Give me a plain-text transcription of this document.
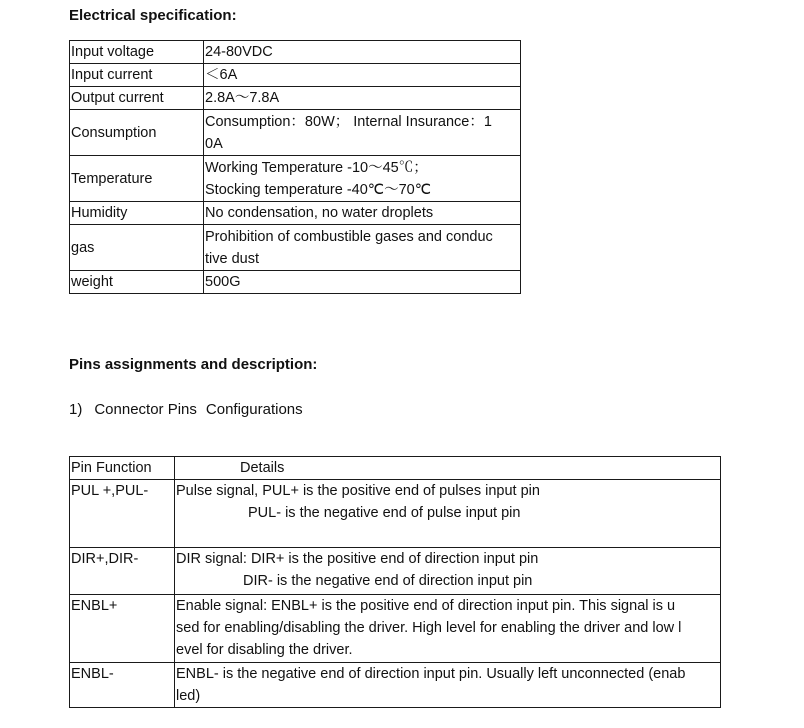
Electrical specification:
Input voltage	24-80VDC

Input current	＜6A

Output current	2.8A～7.8A

Consumption	Consumption：80W； Internal Insurance：1
0A

Temperature	Working Temperature -10～45℃；
Stocking temperature -40℃～70℃

Humidity	No condensation, no water droplets

gas	Prohibition of combustible gases and conduc
tive dust

weight	500G
Pins assignments and description:

1) Connector Pins Configurations

Pin Function	Details
PUL +,PUL-	Pulse signal, PUL+ is the positive end of pulses input pin
PUL- is the negative end of pulse input pin

DIR+,DIR-	DIR signal: DIR+ is the positive end of direction input pin
DIR- is the negative end of direction input pin

ENBL+	Enable signal: ENBL+ is the positive end of direction input pin. This signal is u
sed for enabling/disabling the driver. High level for enabling the driver and low l
evel for disabling the driver.

ENBL-	ENBL- is the negative end of direction input pin. Usually left unconnected (enab
led)
